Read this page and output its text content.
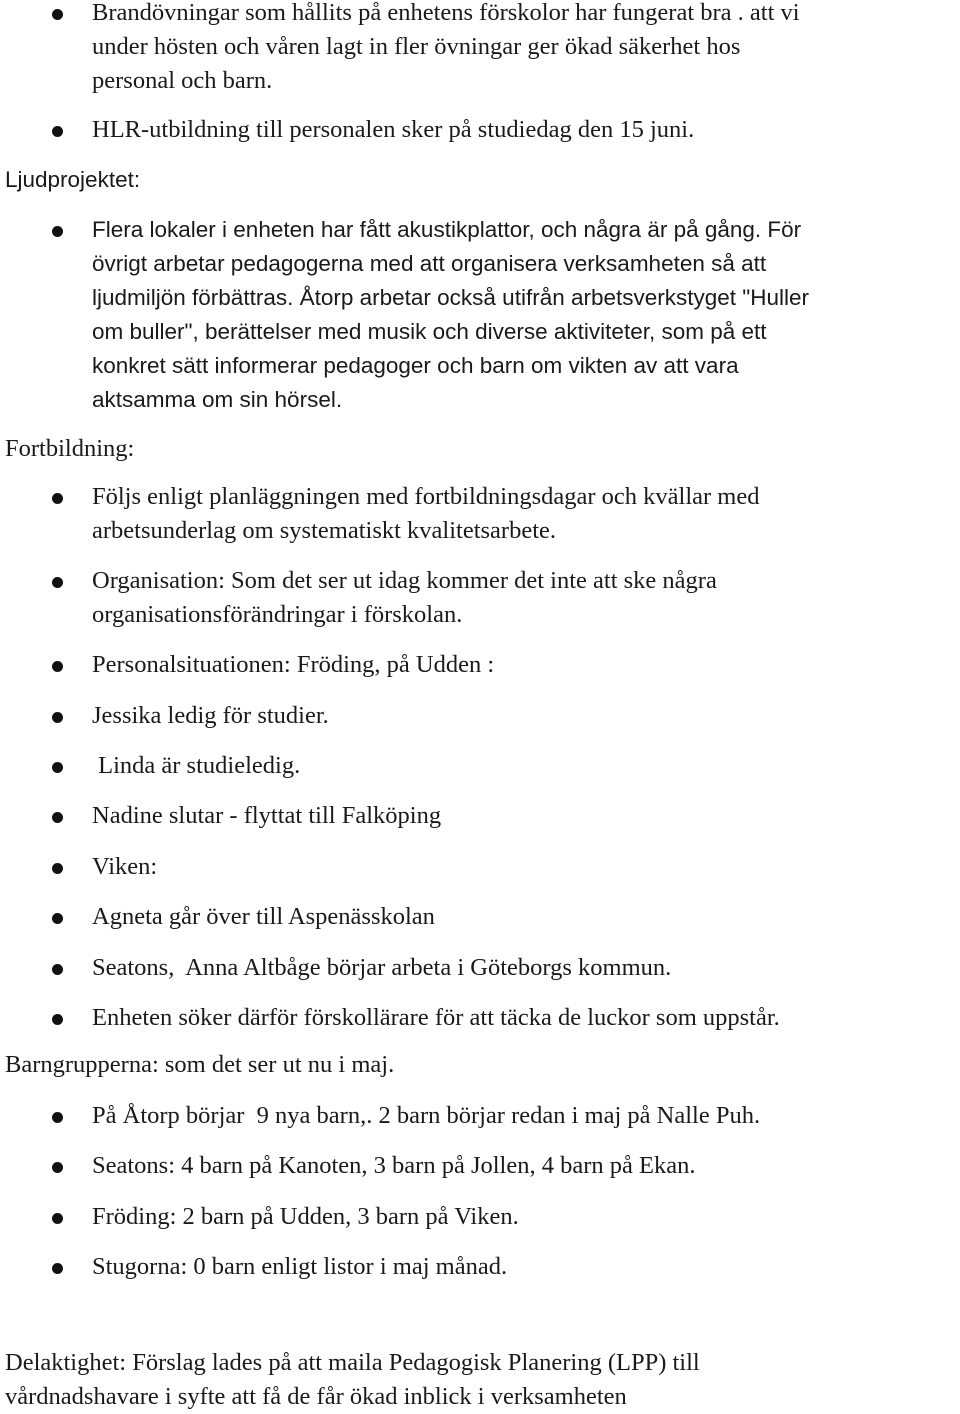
Brandövningar som hållits på enhetens förskolor har fungerat bra . att vi
under hösten och våren lagt in fler övningar ger ökad säkerhet hos
personal och barn.
HLR-utbildning till personalen sker på studiedag den 15 juni.
Ljudprojektet:
Flera lokaler i enheten har fått akustikplattor, och några är på gång. För
övrigt arbetar pedagogerna med att organisera verksamheten så att
ljudmiljön förbättras. Åtorp arbetar också utifrån arbetsverkstyget "Huller
om buller", berättelser med musik och diverse aktiviteter, som på ett
konkret sätt informerar pedagoger och barn om vikten av att vara
aktsamma om sin hörsel.
Fortbildning:
Följs enligt planläggningen med fortbildningsdagar och kvällar med
arbetsunderlag om systematiskt kvalitetsarbete.
Organisation: Som det ser ut idag kommer det inte att ske några
organisationsförändringar i förskolan.
Personalsituationen: Fröding, på Udden :
Jessika ledig för studier.
Linda är studieledig.
Nadine slutar - flyttat till Falköping
Viken:
Agneta går över till Aspenässkolan
Seatons,  Anna Altbåge börjar arbeta i Göteborgs kommun.
Enheten söker därför förskollärare för att täcka de luckor som uppstår.
Barngrupperna: som det ser ut nu i maj.
På Åtorp börjar  9 nya barn,. 2 barn börjar redan i maj på Nalle Puh.
Seatons: 4 barn på Kanoten, 3 barn på Jollen, 4 barn på Ekan.
Fröding: 2 barn på Udden, 3 barn på Viken.
Stugorna: 0 barn enligt listor i maj månad.
Delaktighet: Förslag lades på att maila Pedagogisk Planering (LPP) till
vårdnadshavare i syfte att få de får ökad inblick i verksamheten
